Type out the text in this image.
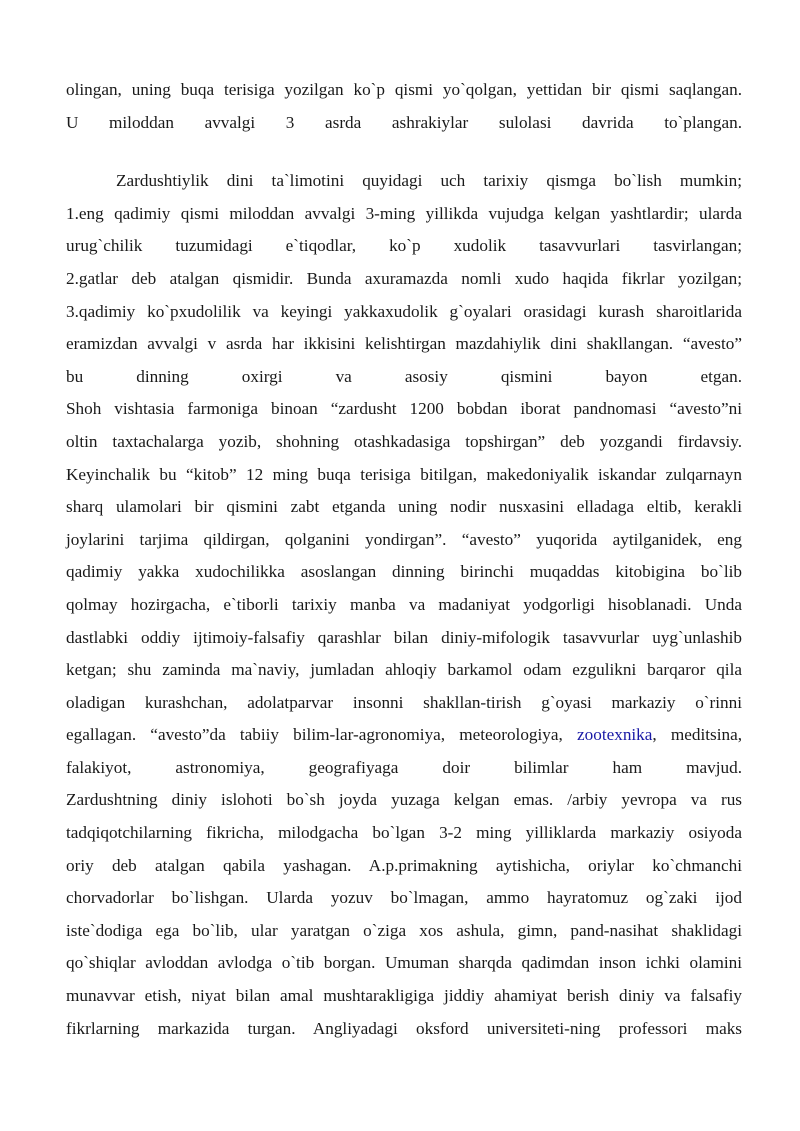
olingan, uning buqa terisiga yozilgan ko`p qismi yo`qolgan, yettidan bir qismi saqlangan.
U miloddan avvalgi 3 asrda ashrakiylar sulolasi davrida to`plangan.
Zardushtiylik dini ta`limotini quyidagi uch tarixiy qismga bo`lish mumkin;
1.eng qadimiy qismi miloddan avvalgi 3-ming yillikda vujudga kelgan yashtlardir; ularda
urug`chilik tuzumidagi e`tiqodlar, ko`p xudolik tasavvurlari tasvirlangan;
2.gatlar deb atalgan qismidir. Bunda axuramazda nomli xudo haqida fikrlar yozilgan;
3.qadimiy ko`pxudolilik va keyingi yakkaxudolik g`oyalari orasidagi kurash sharoitlarida
eramizdan avvalgi v asrda har ikkisini kelishtirgan mazdahiylik dini shakllangan. “avesto”
bu dinning oxirgi va asosiy qismini bayon etgan.
Shoh vishtasia farmoniga binoan “zardusht 1200 bobdan iborat pandnomasi “avesto”ni
oltin taxtachalarga yozib, shohning otashkadasiga topshirgan” deb yozgandi firdavsiy.
Keyinchalik bu “kitob” 12 ming buqa terisiga bitilgan, makedoniyalik iskandar zulqarnayn
sharq ulamolari bir qismini zabt etganda uning nodir nusxasini elladaga eltib, kerakli
joylarini tarjima qildirgan, qolganini yondirgan”. “avesto” yuqorida aytilganidek, eng
qadimiy yakka xudochilikka asoslangan dinning birinchi muqaddas kitobigina bo`lib
qolmay hozirgacha, e`tiborli tarixiy manba va madaniyat yodgorligi hisoblanadi. Unda
dastlabki oddiy ijtimoiy-falsafiy qarashlar bilan diniy-mifologik tasavvurlar uyg`unlashib
ketgan; shu zaminda ma`naviy, jumladan ahloqiy barkamol odam ezgulikni barqaror qila
oladigan kurashchan, adolatparvar insonni shakllan-tirish g`oyasi markaziy o`rinni
egallagan. “avesto”da tabiiy bilim-lar-agronomiya, meteorologiya, zootexnika, meditsina,
falakiyot, astronomiya, geografiyaga doir bilimlar ham mavjud.
Zardushtning diniy islohoti bo`sh joyda yuzaga kelgan emas. /arbiy yevropa va rus
tadqiqotchilarning fikricha, milodgacha bo`lgan 3-2 ming yilliklarda markaziy osiyoda
oriy deb atalgan qabila yashagan. A.p.primakning aytishicha, oriylar ko`chmanchi
chorvadorlar bo`lishgan. Ularda yozuv bo`lmagan, ammo hayratomuz og`zaki ijod
iste`dodiga ega bo`lib, ular yaratgan o`ziga xos ashula, gimn, pand-nasihat shaklidagi
qo`shiqlar avloddan avlodga o`tib borgan. Umuman sharqda qadimdan inson ichki olamini
munavvar etish, niyat bilan amal mushtarakligiga jiddiy ahamiyat berish diniy va falsafiy
fikrlarning markazida turgan. Angliyadagi oksford universiteti-ning professori maks
